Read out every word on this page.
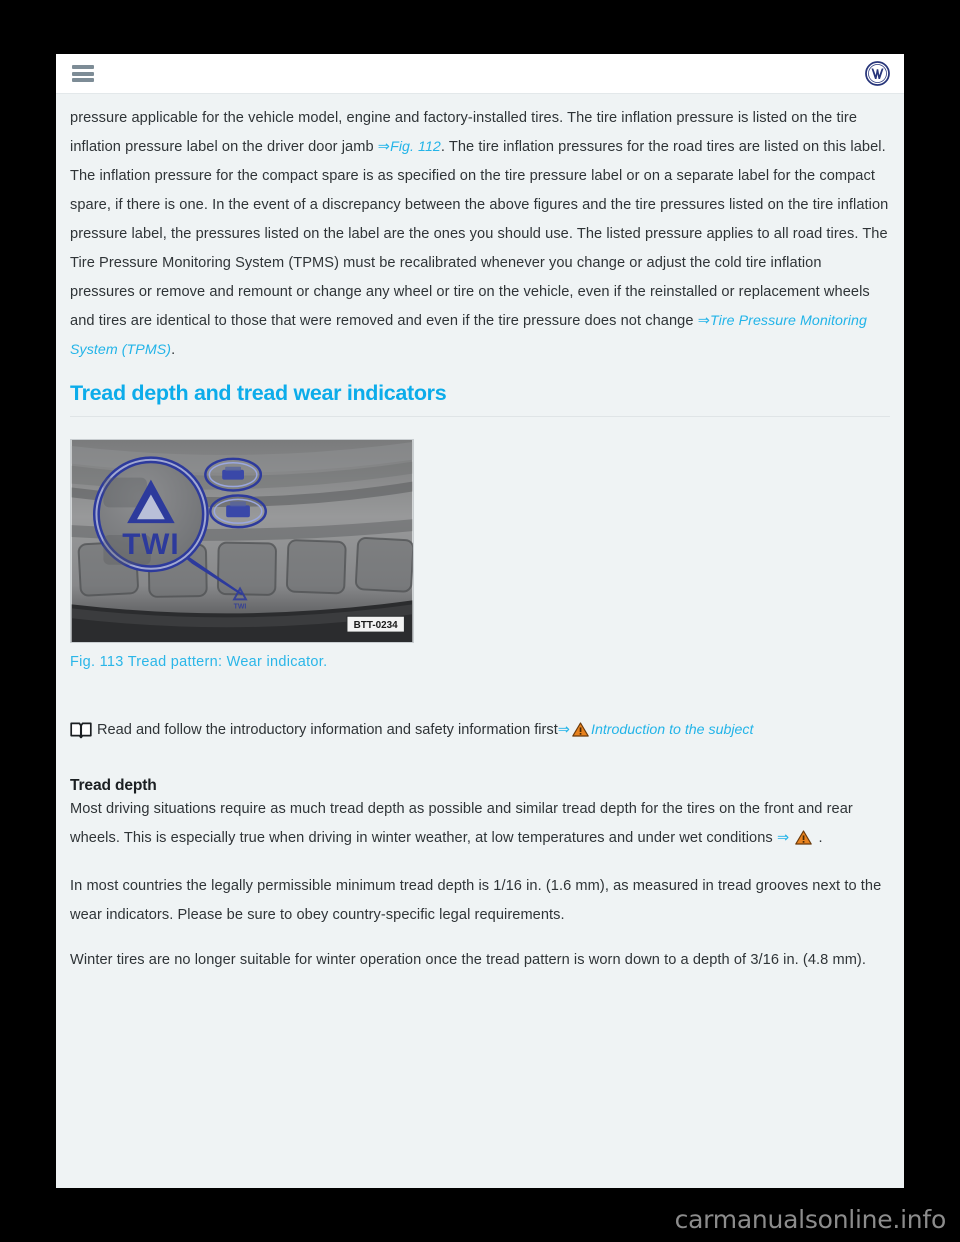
pressure applicable for the vehicle model, engine and factory-installed tires. The tire inflation pressure is listed on the tire inflation pressure label on the driver door jamb ⇒Fig. 112. The tire inflation pressures for the road tires are listed on this label. The inflation pressure for the compact spare is as specified on the tire pressure label or on a separate label for the compact spare, if there is one. In the event of a discrepancy between the above figures and the tire pressures listed on the tire inflation pressure label, the pressures listed on the label are the ones you should use. The listed pressure applies to all road tires. The Tire Pressure Monitoring System (TPMS) must be recalibrated whenever you change or adjust the cold tire inflation pressures or remove and remount or change any wheel or tire on the vehicle, even if the reinstalled or replacement wheels and tires are identical to those that were removed and even if the tire pressure does not change ⇒Tire Pressure Monitoring System (TPMS).

Tread depth and tread wear indicators
TWI
TWI
BTT-0234
Fig. 113 Tread pattern: Wear indicator.
Read and follow the introductory information and safety information first⇒ Introduction to the subject
Tread depth

Most driving situations require as much tread depth as possible and similar tread depth for the tires on the front and rear wheels. This is especially true when driving in winter weather, at low temperatures and under wet conditions ⇒ .

In most countries the legally permissible minimum tread depth is 1/16 in. (1.6 mm), as measured in tread grooves next to the wear indicators. Please be sure to obey country-specific legal requirements.

Winter tires are no longer suitable for winter operation once the tread pattern is worn down to a depth of 3/16 in. (4.8 mm).

carmanualsonline.info
